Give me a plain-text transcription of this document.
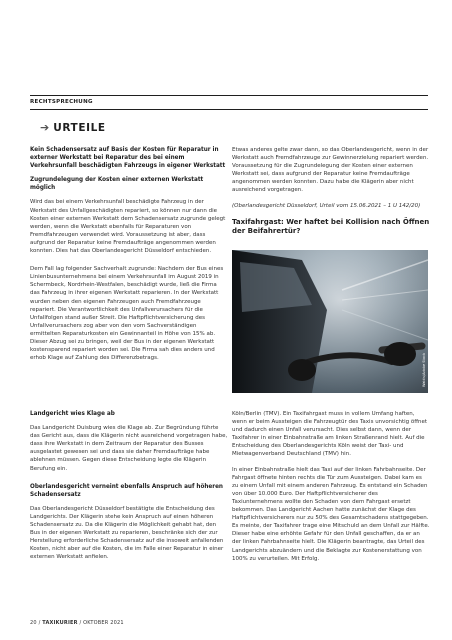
RECHTSPRECHUNG
➔ URTEILE
Kein Schadensersatz auf Basis der Kosten für Reparatur in externer Werkstatt bei Reparatur des bei einem Verkehrsunfall beschädigten Fahrzeugs in eigener Werkstatt
Zugrundelegung der Kosten einer externen Werkstatt möglich

Wird das bei einem Verkehrsunfall beschädigte Fahrzeug in der Werkstatt des Unfallgeschädigten repariert, so können nur dann die Kosten einer externen Werkstatt dem Schadensersatz zugrunde gelegt werden, wenn die Werkstatt ebenfalls für Reparaturen von Fremdfahrzeugen verwendet wird. Voraussetzung ist aber, dass aufgrund der Reparatur keine Fremdaufträge angenommen werden konnten. Dies hat das Oberlandesgericht Düsseldorf entschieden.

Dem Fall lag folgender Sachverhalt zugrunde: Nachdem der Bus eines Linienbusunternehmens bei einem Verkehrsunfall im August 2019 in Schermbeck, Nordrhein-Westfalen, beschädigt wurde, ließ die Firma das Fahrzeug in ihrer eigenen Werkstatt reparieren. In der Werkstatt wurden neben den eigenen Fahrzeugen auch Fremdfahrzeuge repariert. Die Verantwortlichkeit des Unfallverursachers für die Unfallfolgen stand außer Streit. Die Haftpflichtversicherung des Unfallverursachers zog aber von den vom Sachverständigen ermittelten Reparaturkosten ein Gewinnanteil in Höhe von 15% ab. Dieser Abzug sei zu bringen, weil der Bus in der eigenen Werkstatt kostensparend repariert worden sei. Die Firma sah dies anders und erhob Klage auf Zahlung des Differenzbetrags.

Etwas anderes gelte zwar dann, so das Oberlandesgericht, wenn in der Werkstatt auch Fremdfahrzeuge zur Gewinnerzielung repariert werden. Voraussetzung für die Zugrundelegung der Kosten einer externen Werkstatt sei, dass aufgrund der Reparatur keine Fremdaufträge angenommen werden konnten. Dazu habe die Klägerin aber nicht ausreichend vorgetragen.

(Oberlandesgericht Düsseldorf, Urteil vom 15.06.2021 – 1 U 142/20)

Taxifahrgast: Wer haftet bei Kollision nach Öffnen der Beifahrertür?
Wattis/Adobe Stock
Landgericht wies Klage ab

Das Landgericht Duisburg wies die Klage ab. Zur Begründung führte das Gericht aus, dass die Klägerin nicht ausreichend vorgetragen habe, dass ihre Werkstatt in dem Zeitraum der Reparatur des Busses ausgelastet gewesen sei und dass sie daher Fremdaufträge habe ablehnen müssen. Gegen diese Entscheidung legte die Klägerin Berufung ein.

Oberlandesgericht verneint ebenfalls Anspruch auf höheren Schadensersatz

Das Oberlandesgericht Düsseldorf bestätigte die Entscheidung des Landgerichts. Der Klägerin stehe kein Anspruch auf einen höheren Schadensersatz zu. Da die Klägerin die Möglichkeit gehabt hat, den Bus in der eigenen Werkstatt zu reparieren, beschränke sich der zur Herstellung erforderliche Schadensersatz auf die insoweit anfallenden Kosten, nicht aber auf die Kosten, die im Falle einer Reparatur in einer externen Werkstatt anfielen.

Köln/Berlin (TMV). Ein Taxifahrgast muss in vollem Umfang haften, wenn er beim Aussteigen die Fahrzeugtür des Taxis unvorsichtig öffnet und dadurch einen Unfall verursacht. Dies selbst dann, wenn der Taxifahrer in einer Einbahnstraße am linken Straßenrand hielt. Auf die Entscheidung des Oberlandesgerichts Köln weist der Taxi- und Mietwagenverband Deutschland (TMV) hin.

In einer Einbahnstraße hielt das Taxi auf der linken Fahrbahnseite. Der Fahrgast öffnete hinten rechts die Tür zum Aussteigen. Dabei kam es zu einem Unfall mit einem anderen Fahrzeug. Es entstand ein Schaden von über 10.000 Euro. Der Haftpflichtversicherer des Taxiunternehmens wollte den Schaden von dem Fahrgast ersetzt bekommen. Das Landgericht Aachen hatte zunächst der Klage des Haftpflichtversicherers nur zu 50% des Gesamtschadens stattgegeben. Es meinte, der Taxifahrer trage eine Mitschuld an dem Unfall zur Hälfte. Dieser habe eine erhöhte Gefahr für den Unfall geschaffen, da er an der linken Fahrbahnseite hielt. Die Klägerin beantragte, das Urteil des Landgerichts abzuändern und die Beklagte zur Kostenerstattung von 100% zu verurteilen. Mit Erfolg.

20 / TAXIKURIER / OKTOBER 2021
